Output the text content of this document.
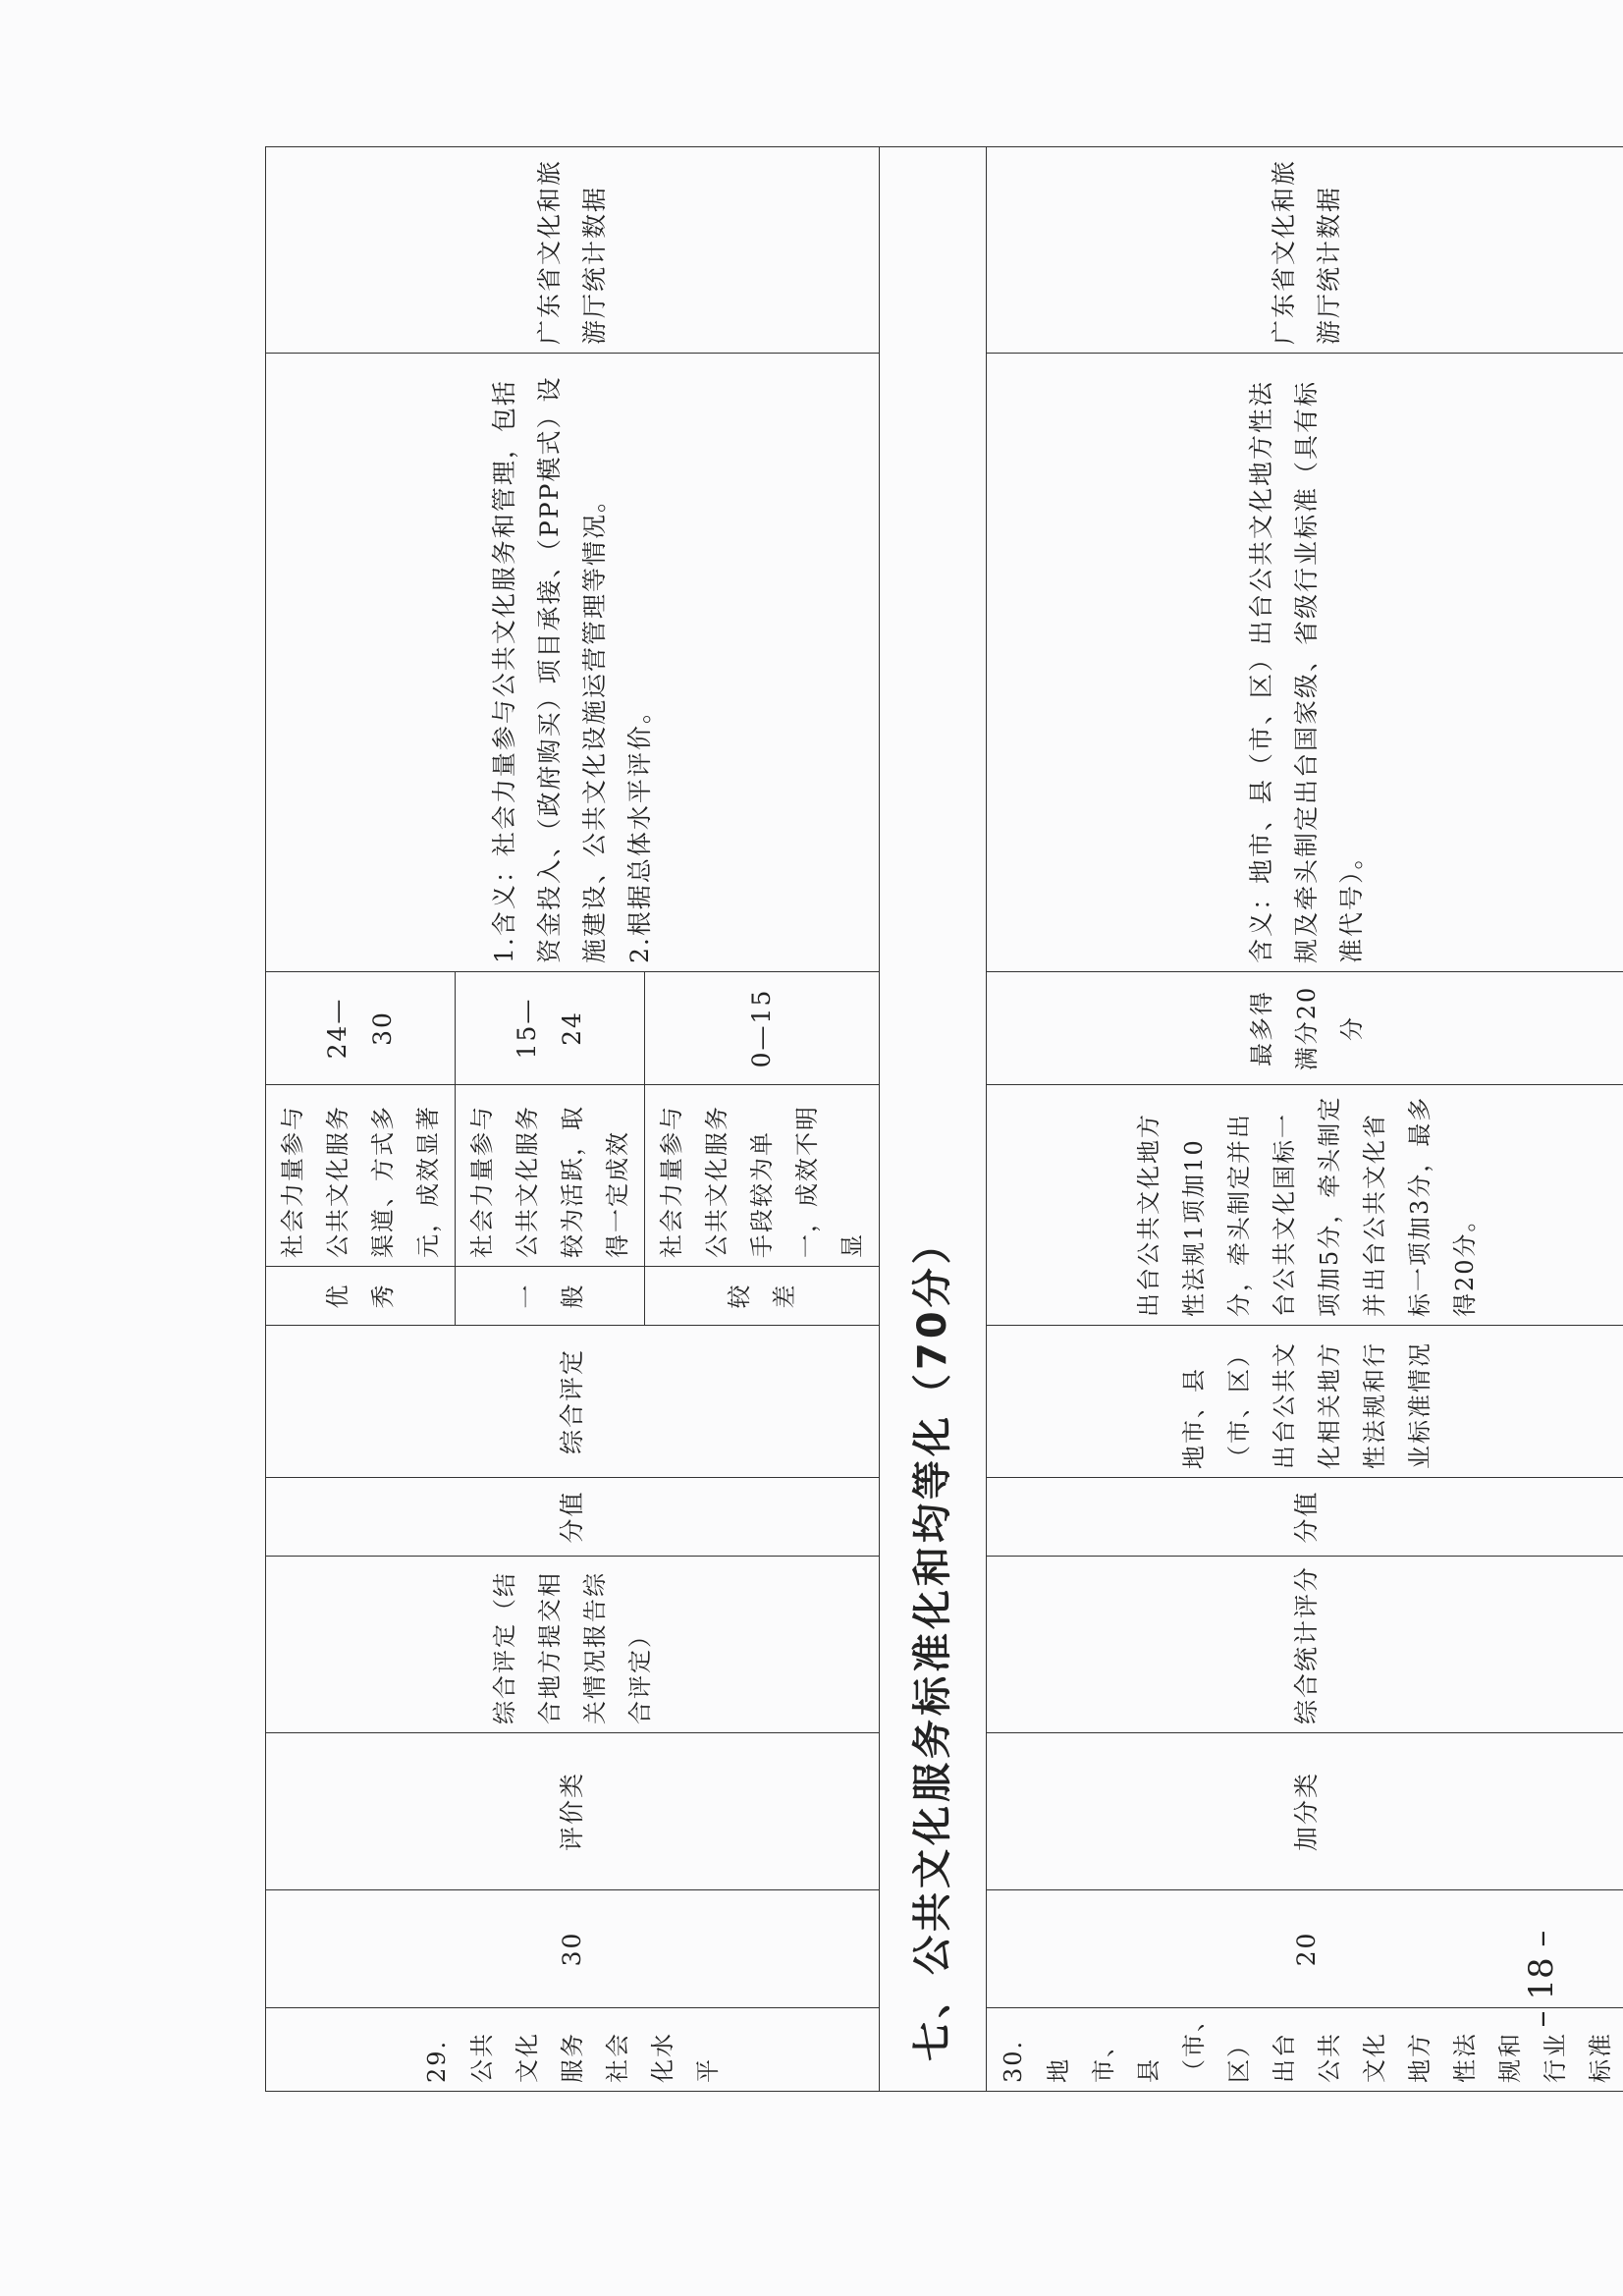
29. 公共文化服务社会化水平	30	评价类	综合评定（结合地方提交相关情况报告综合评定）	分值	综合评定	优秀	社会力量参与公共文化服务渠道、方式多元，成效显著	24—30	1.含义：社会力量参与公共文化服务和管理，包括资金投入、（政府购买）项目承接、（PPP模式）设施建设、公共文化设施运营管理等情况。 2.根据总体水平评价。	广东省文化和旅游厅统计数据
						一般	社会力量参与公共文化服务较为活跃，取得一定成效	15—24		
						较差	社会力量参与公共文化服务手段较为单一，成效不明显	0—15		
七、公共文化服务标准化和均等化（70分）										
30. 地市、县（市、区）出台公共文化地方性法规和行业标准	20	加分类	综合统计评分	分值	地市、县（市、区）出台公共文化相关地方性法规和行业标准情况	出台公共文化地方性法规1项加10分，牵头制定并出台公共文化国标一项加5分，牵头制定并出台公共文化省标一项加3分，最多得20分。		最多得满分20分	含义：地市、县（市、区）出台公共文化地方性法规及牵头制定出台国家级、省级行业标准（具有标准代号）。	广东省文化和旅游厅统计数据
– 18 –
